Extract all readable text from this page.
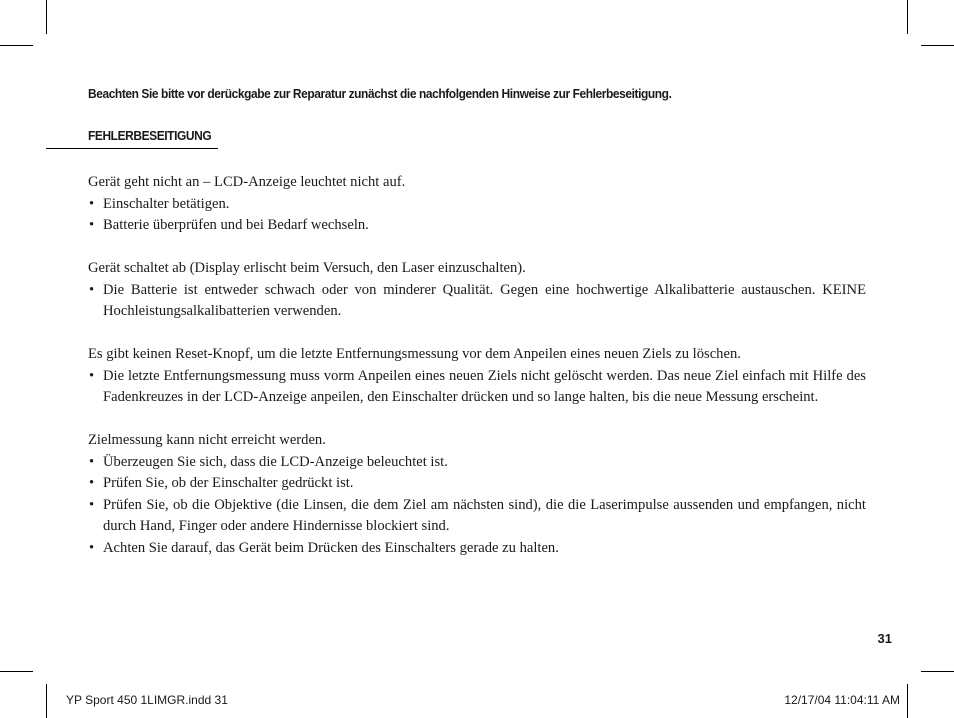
Beachten Sie bitte vor derückgabe zur Reparatur zunächst die nachfolgenden Hinweise zur Fehlerbeseitigung.
FEHLERBESEITIGUNG

Gerät geht nicht an – LCD-Anzeige leuchtet nicht auf.

• Einschalter betätigen.
• Batterie überprüfen und bei Bedarf wechseln.

Gerät schaltet ab (Display erlischt beim Versuch, den Laser einzuschalten).

• Die Batterie ist entweder schwach oder von minderer Qualität. Gegen eine hochwertige Alkalibatterie austauschen. KEINE Hochleistungsalkalibatterien verwenden.

Es gibt keinen Reset-Knopf, um die letzte Entfernungsmessung vor dem Anpeilen eines neuen Ziels zu löschen.

• Die letzte Entfernungsmessung muss vorm Anpeilen eines neuen Ziels nicht gelöscht werden. Das neue Ziel einfach mit Hilfe des Fadenkreuzes in der LCD-Anzeige anpeilen, den Einschalter drücken und so lange halten, bis die neue Messung erscheint.

Zielmessung kann nicht erreicht werden.

• Überzeugen Sie sich, dass die LCD-Anzeige beleuchtet ist.
• Prüfen Sie, ob der Einschalter gedrückt ist.
• Prüfen Sie, ob die Objektive (die Linsen, die dem Ziel am nächsten sind), die die Laserimpulse aussenden und empfangen, nicht durch Hand, Finger oder andere Hindernisse blockiert sind.
• Achten Sie darauf, das Gerät beim Drücken des Einschalters gerade zu halten.
31
YP Sport 450 1LIMGR.indd 31	12/17/04 11:04:11 AM
